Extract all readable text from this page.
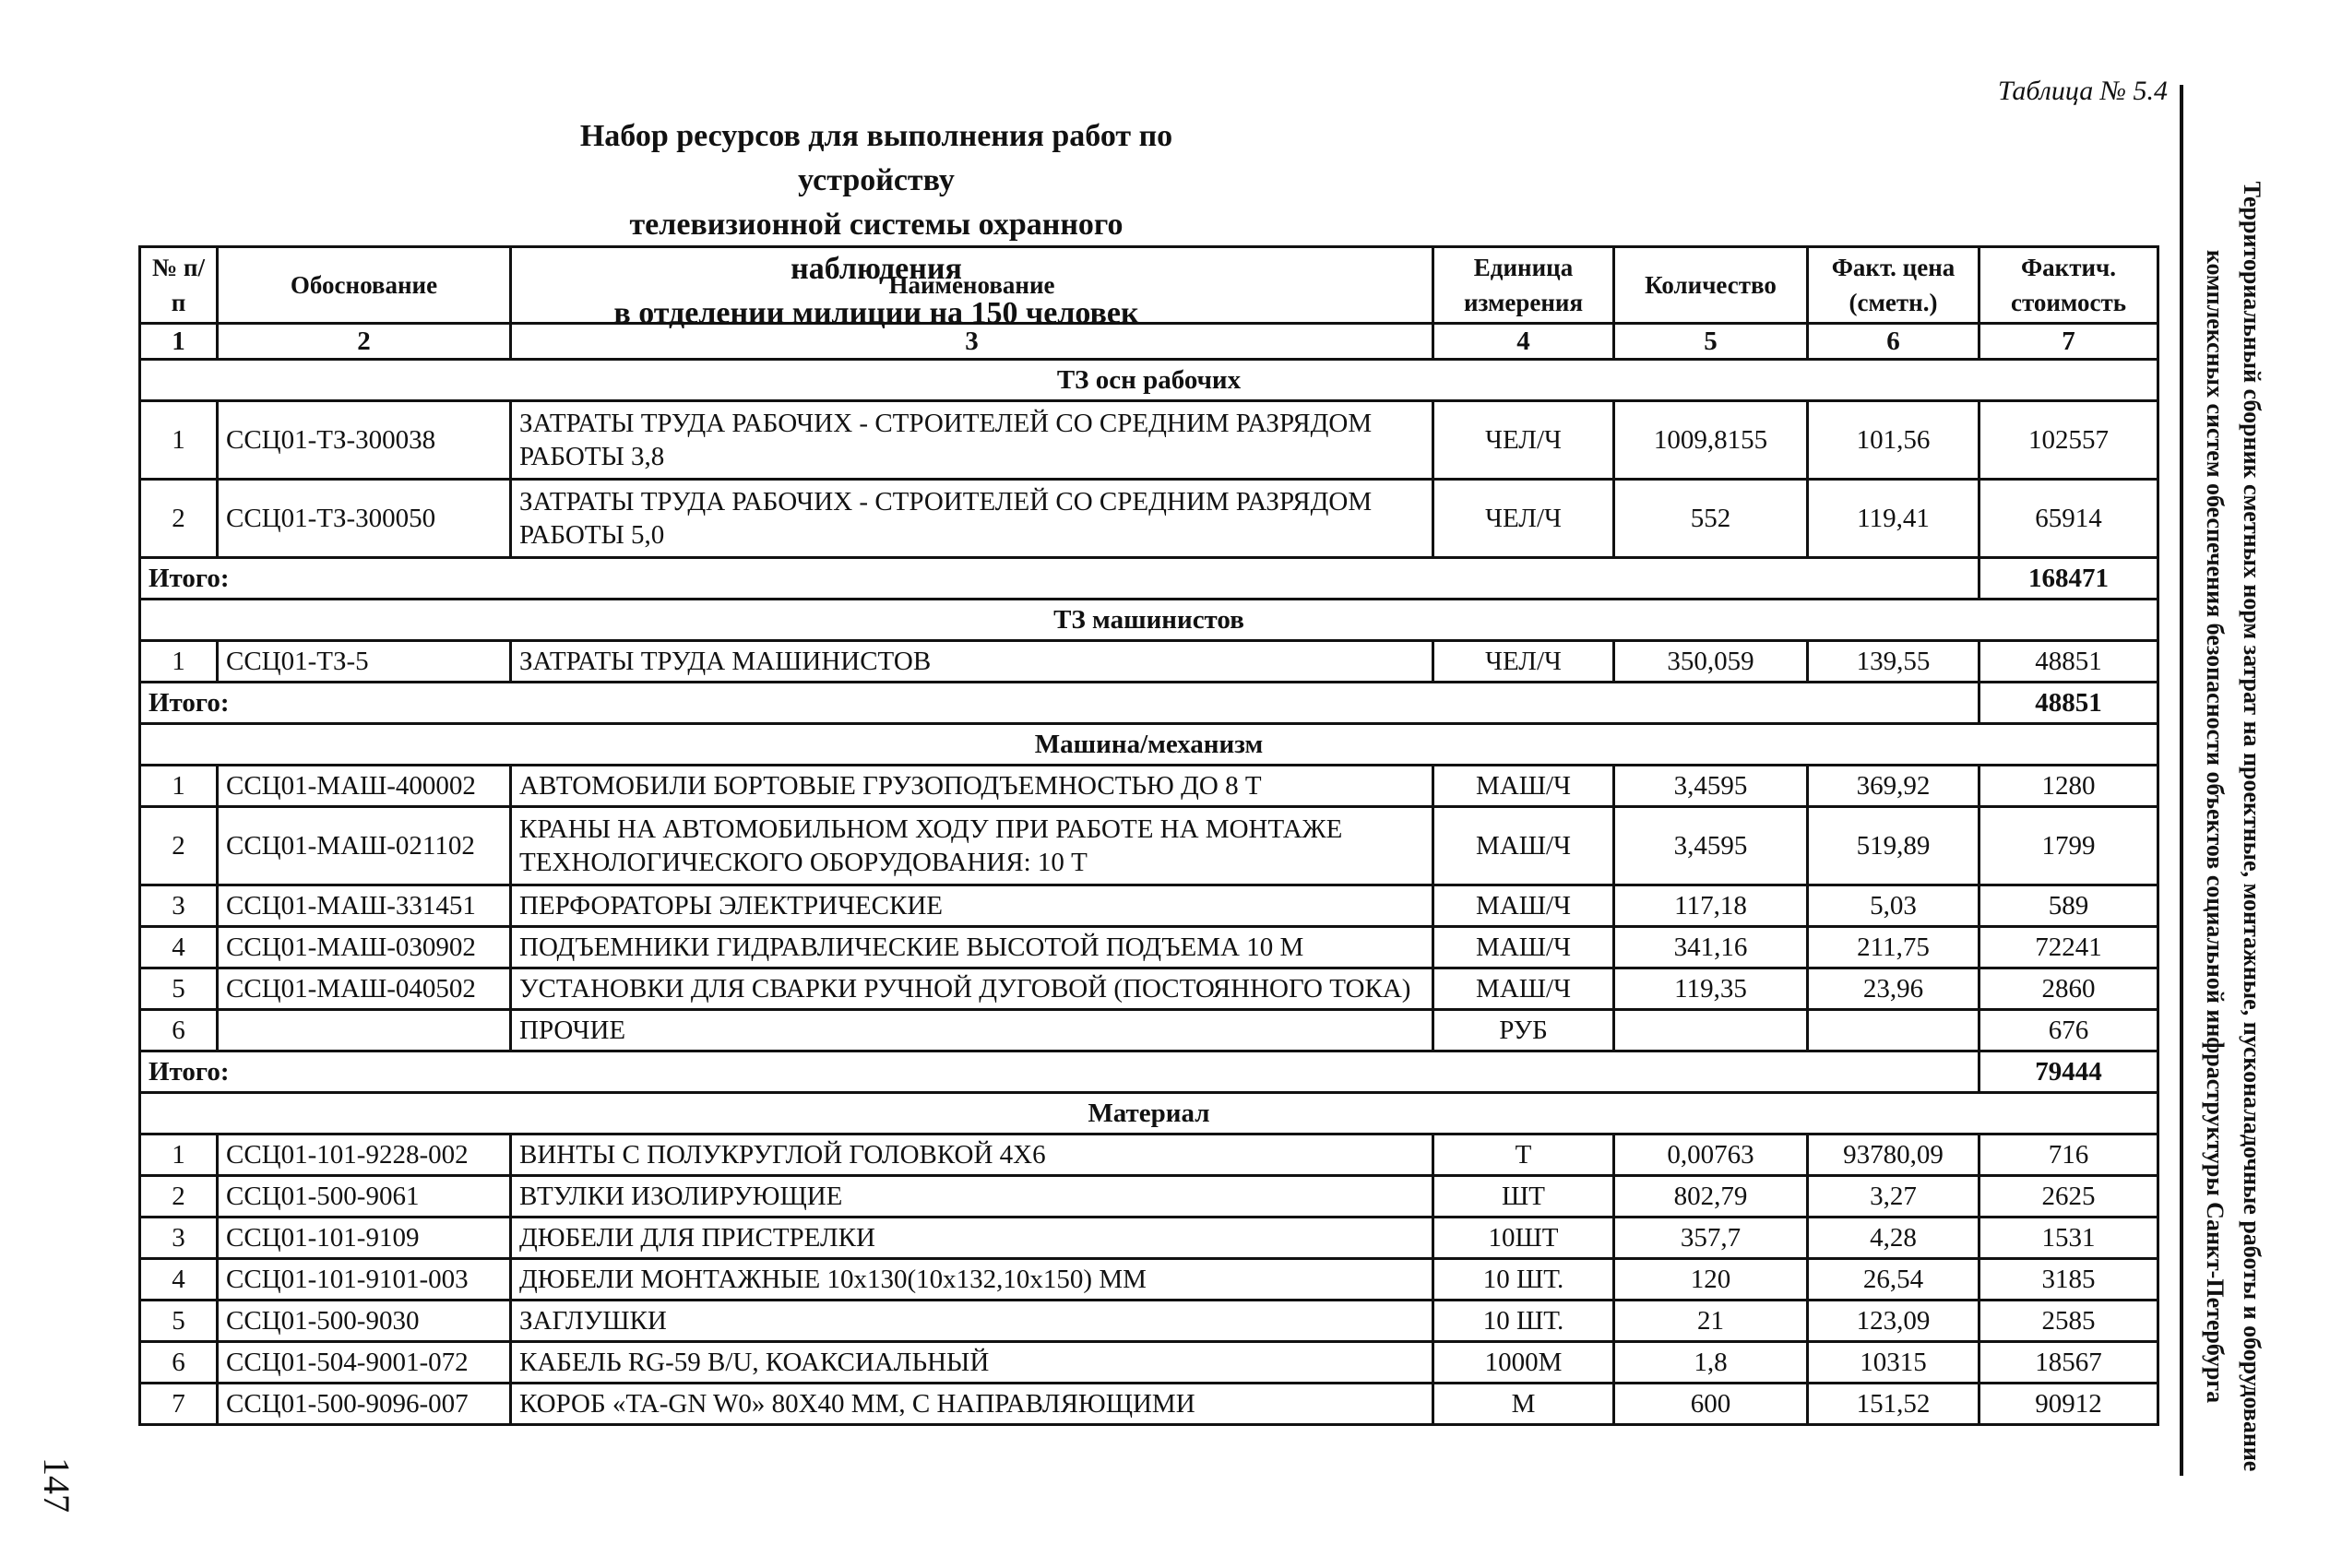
Таблица № 5.4
Набор ресурсов для выполнения работ по устройству
телевизионной системы охранного наблюдения
в отделении милиции на 150 человек	Территориальный сборник сметных норм затрат на проектные, монтажные, пусконаладочные работы и оборудование
комплексных систем обеспечения безопасности объектов социальной инфраструктуры Санкт-Петербурга
147
№ п/п	Обоснование	Наименование	Единица измерения	Количество	Факт. цена (сметн.)	Фактич. стоимость
1	2	3	4	5	6	7
ТЗ осн рабочих						
1	ССЦ01-ТЗ-300038	ЗАТРАТЫ ТРУДА РАБОЧИХ - СТРОИТЕЛЕЙ СО СРЕДНИМ РАЗРЯДОМ РАБОТЫ 3,8	ЧЕЛ/Ч	1009,8155	101,56	102557
2	ССЦ01-ТЗ-300050	ЗАТРАТЫ ТРУДА РАБОЧИХ - СТРОИТЕЛЕЙ СО СРЕДНИМ РАЗРЯДОМ РАБОТЫ 5,0	ЧЕЛ/Ч	552	119,41	65914
Итого:						168471
ТЗ машинистов						
1	ССЦ01-ТЗ-5	ЗАТРАТЫ ТРУДА МАШИНИСТОВ	ЧЕЛ/Ч	350,059	139,55	48851
Итого:						48851
Машина/механизм						
1	ССЦ01-МАШ-400002	АВТОМОБИЛИ БОРТОВЫЕ ГРУЗОПОДЪЕМНОСТЬЮ ДО 8 Т	МАШ/Ч	3,4595	369,92	1280
2	ССЦ01-МАШ-021102	КРАНЫ НА АВТОМОБИЛЬНОМ ХОДУ ПРИ РАБОТЕ НА МОНТАЖЕ ТЕХНОЛОГИЧЕСКОГО ОБОРУДОВАНИЯ: 10 Т	МАШ/Ч	3,4595	519,89	1799
3	ССЦ01-МАШ-331451	ПЕРФОРАТОРЫ ЭЛЕКТРИЧЕСКИЕ	МАШ/Ч	117,18	5,03	589
4	ССЦ01-МАШ-030902	ПОДЪЕМНИКИ ГИДРАВЛИЧЕСКИЕ ВЫСОТОЙ ПОДЪЕМА 10 М	МАШ/Ч	341,16	211,75	72241
5	ССЦ01-МАШ-040502	УСТАНОВКИ ДЛЯ СВАРКИ РУЧНОЙ ДУГОВОЙ (ПОСТОЯННОГО ТОКА)	МАШ/Ч	119,35	23,96	2860
6		ПРОЧИЕ	РУБ			676
Итого:						79444
Материал						
1	ССЦ01-101-9228-002	ВИНТЫ С ПОЛУКРУГЛОЙ ГОЛОВКОЙ 4Х6	Т	0,00763	93780,09	716
2	ССЦ01-500-9061	ВТУЛКИ ИЗОЛИРУЮЩИЕ	ШТ	802,79	3,27	2625
3	ССЦ01-101-9109	ДЮБЕЛИ ДЛЯ ПРИСТРЕЛКИ	10ШТ	357,7	4,28	1531
4	ССЦ01-101-9101-003	ДЮБЕЛИ МОНТАЖНЫЕ 10х130(10х132,10х150) ММ	10 ШТ.	120	26,54	3185
5	ССЦ01-500-9030	ЗАГЛУШКИ	10 ШТ.	21	123,09	2585
6	ССЦ01-504-9001-072	КАБЕЛЬ RG-59 B/U, КОАКСИАЛЬНЫЙ	1000М	1,8	10315	18567
7	ССЦ01-500-9096-007	КОРОБ «TA-GN W0» 80Х40 ММ, С НАПРАВЛЯЮЩИМИ	М	600	151,52	90912
